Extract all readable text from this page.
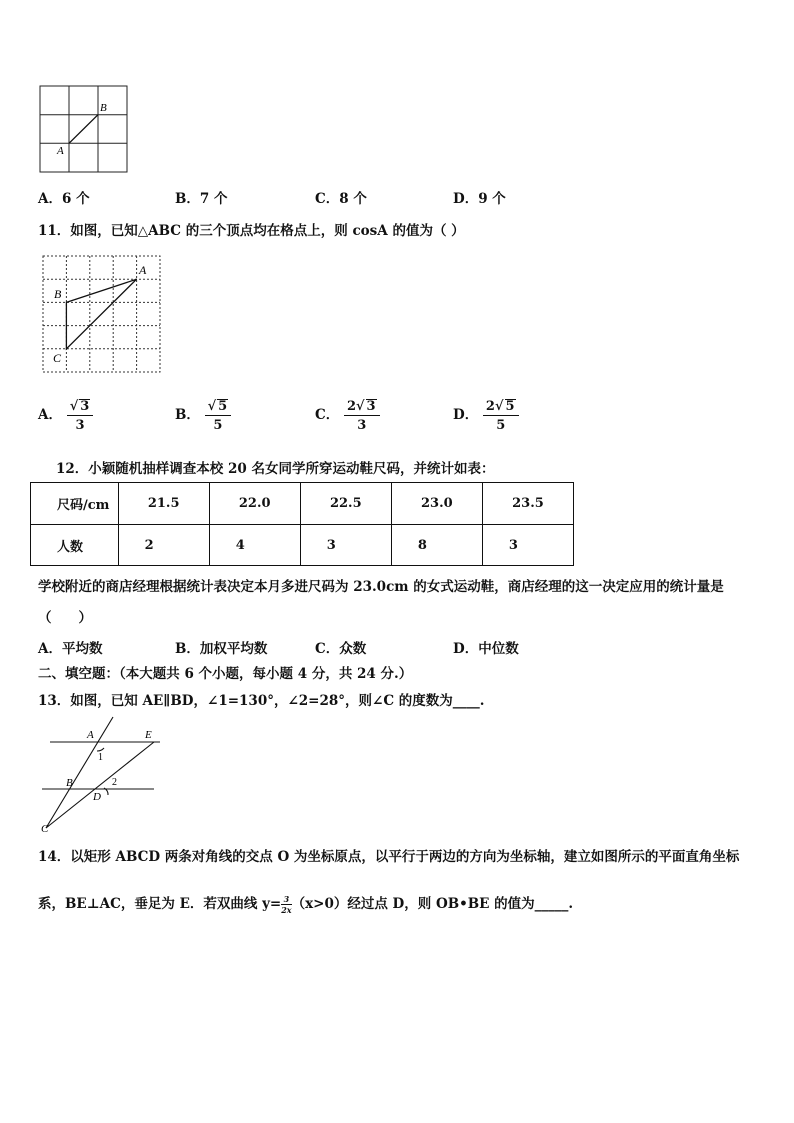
A
B
A．6 个	B．7 个	C．8 个	D．9 个
11．如图，已知△ABC 的三个顶点均在格点上，则 cosA 的值为（ ）
A
B
C
A． $\frac{√ 3}{3}$	B． $\frac{√ 5}{5}$	C． $\frac{2√ 3}{3}$	D． $\frac{2√ 5}{5}$
12．小颖随机抽样调查本校 20 名女同学所穿运动鞋尺码，并统计如表：
尺码/cm	21.5	22.0	22.5	23.0	23.5
人数	2	4	3	8	3
学校附近的商店经理根据统计表决定本月多进尺码为 23.0cm 的女式运动鞋，商店经理的这一决定应用的统计量是
（　　）
A．平均数	B．加权平均数	C．众数	D．中位数
二、填空题：（本大题共 6 个小题，每小题 4 分，共 24 分.）
13．如图，已知 AE∥BD，∠1=130°，∠2=28°，则∠C 的度数为____.
A	E
1
B	2
D
C
14．以矩形 ABCD 两条对角线的交点 O 为坐标原点，以平行于两边的方向为坐标轴，建立如图所示的平面直角坐标
系，BE⊥AC，垂足为 E．若双曲线 $y= \frac{3}{2x} (x>0)$经过点 D，则 OB•BE 的值为_____.
